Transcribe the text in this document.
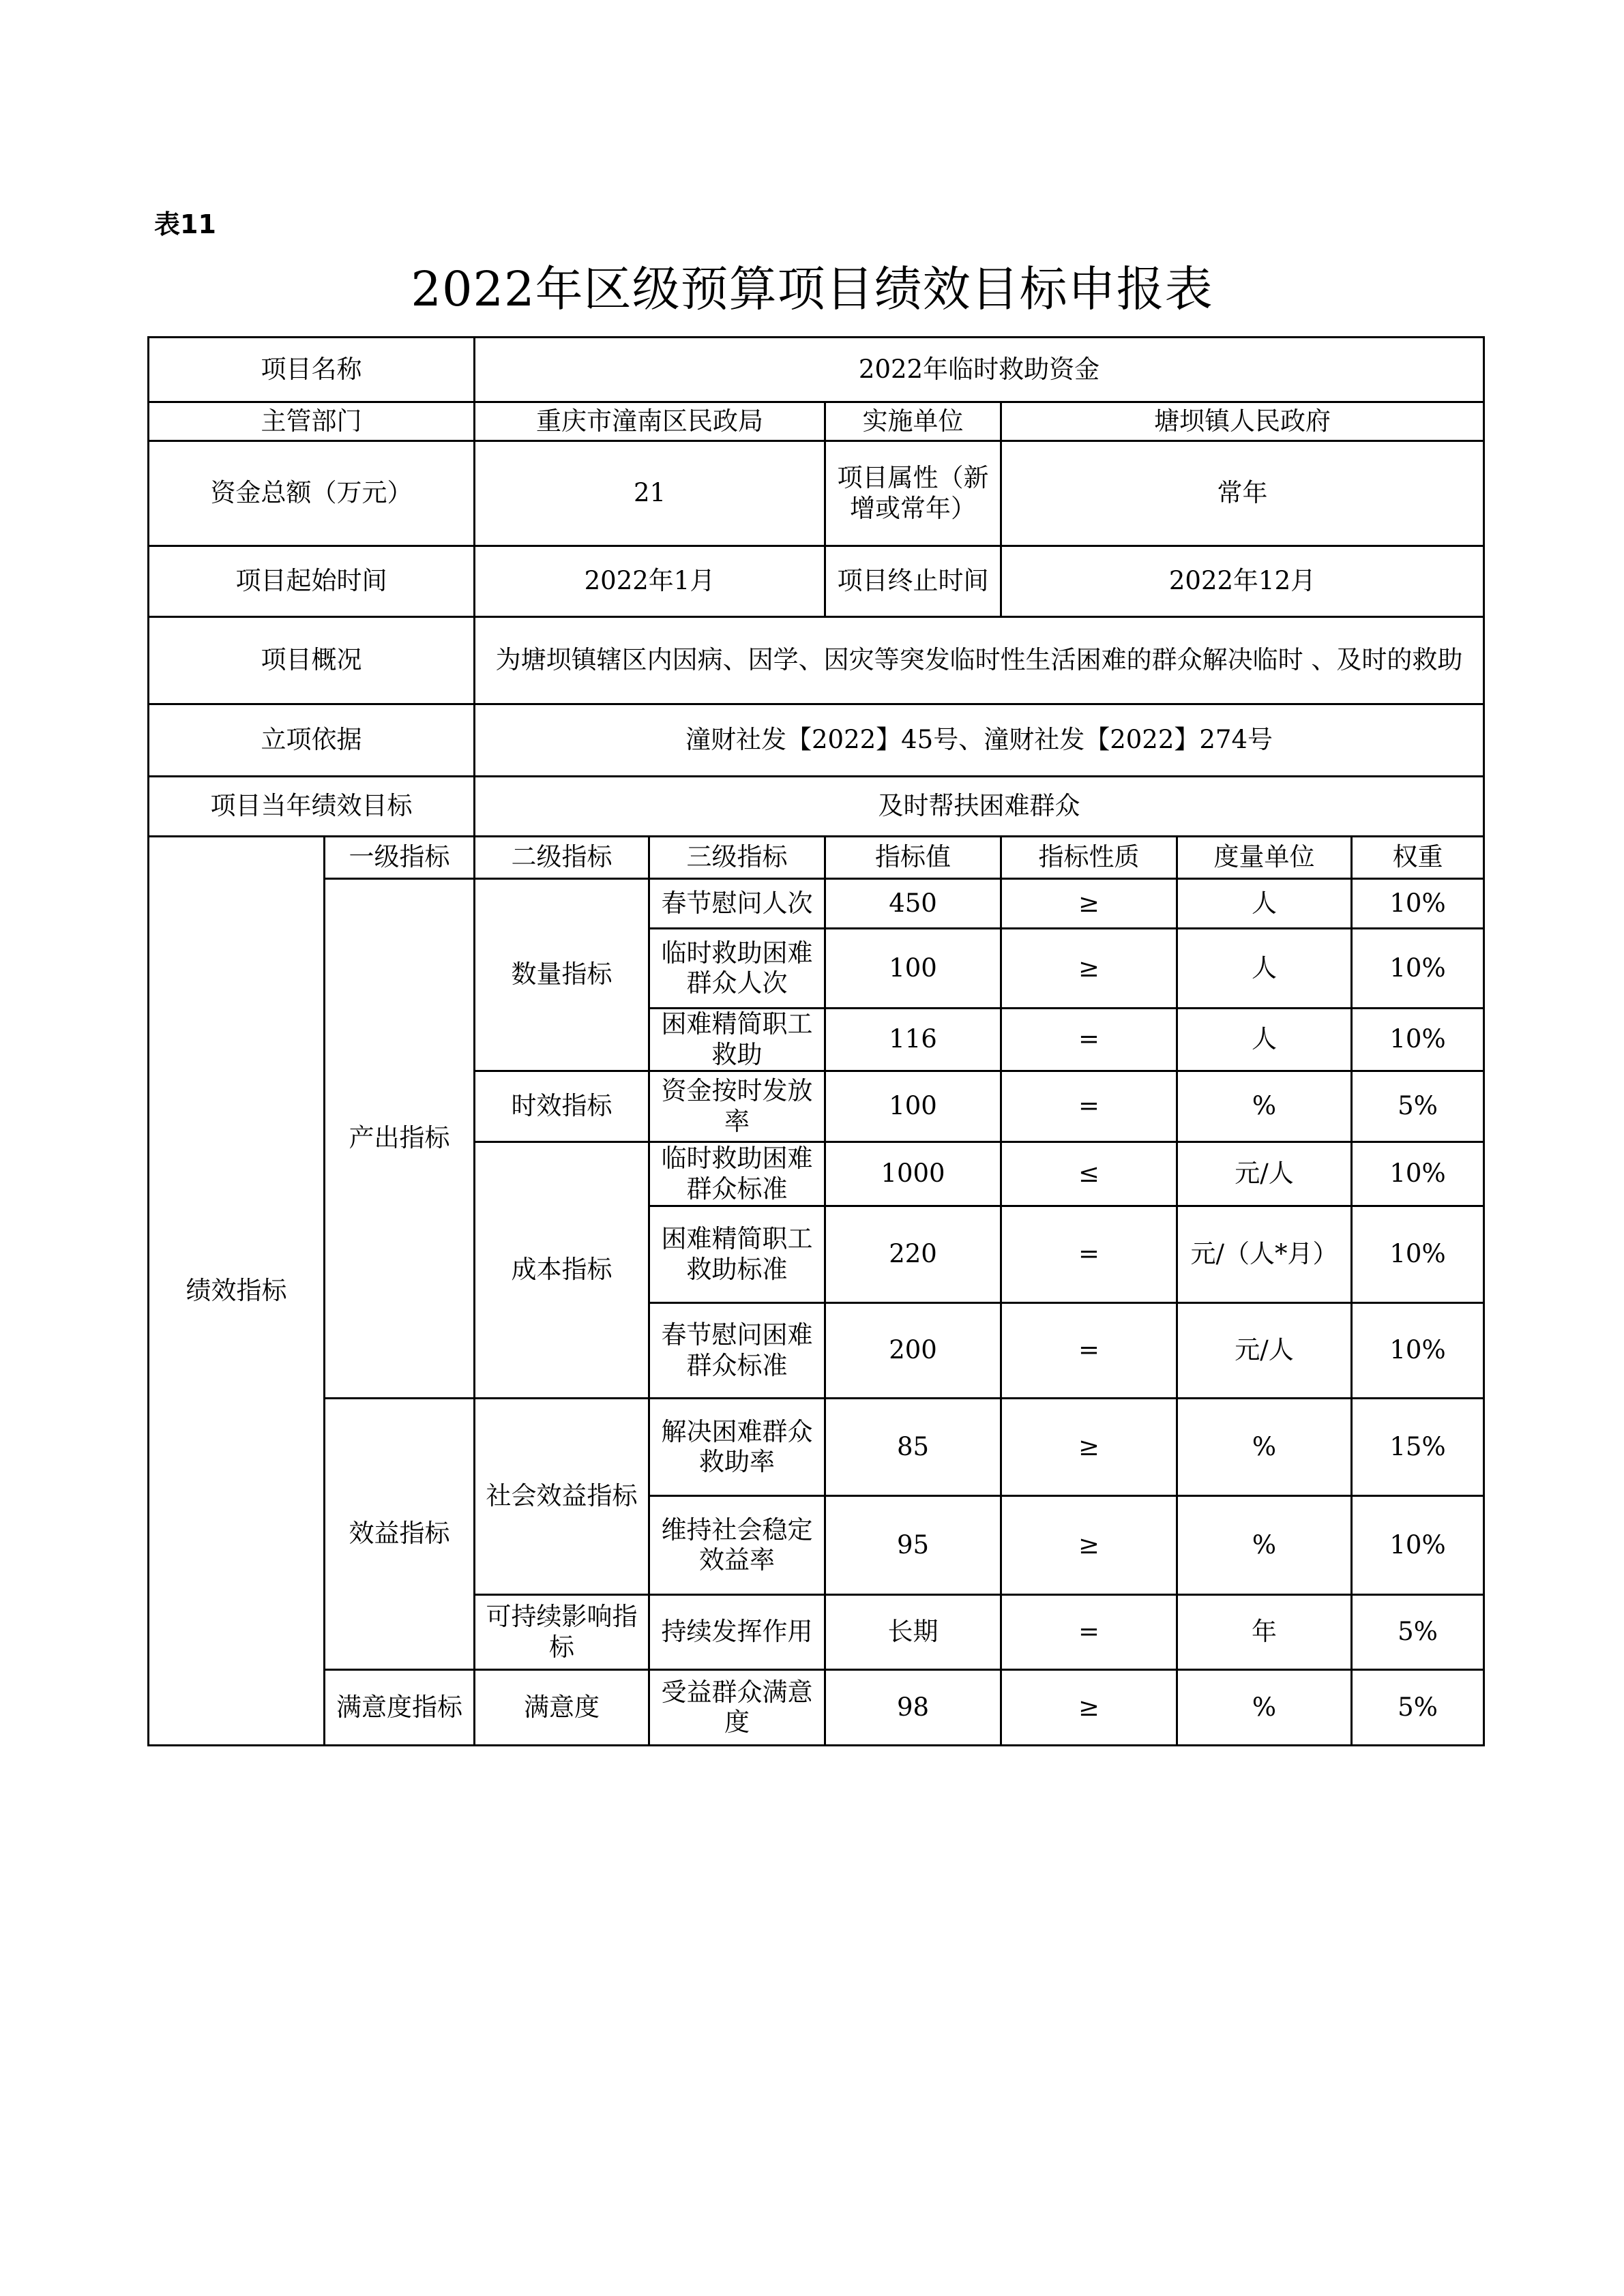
表11
2022年区级预算项目绩效目标申报表
项目名称		2022年临时救助资金					
主管部门		重庆市潼南区民政局		实施单位	塘坝镇人民政府		
资金总额（万元）		21		项目属性（新增或常年）	常年		
项目起始时间		2022年1月		项目终止时间	2022年12月		
项目概况		为塘坝镇辖区内因病、因学、因灾等突发临时性生活困难的群众解决临时 、及时的救助					
立项依据		潼财社发【2022】45号、潼财社发【2022】274号					
项目当年绩效目标		及时帮扶困难群众					
绩效指标	一级指标	二级指标	三级指标	指标值	指标性质	度量单位	权重
	产出指标	数量指标	春节慰问人次	450	≥	人	10%
			临时救助困难群众人次	100	≥	人	10%
			困难精简职工救助	116	=	人	10%
		时效指标	资金按时发放率	100	=	%	5%
		成本指标	临时救助困难群众标准	1000	≤	元/人	10%
			困难精简职工救助标准	220	=	元/（人*月）	10%
			春节慰问困难群众标准	200	=	元/人	10%
	效益指标	社会效益指标	解决困难群众救助率	85	≥	%	15%
			维持社会稳定效益率	95	≥	%	10%
		可持续影响指标	持续发挥作用	长期	=	年	5%
	满意度指标	满意度	受益群众满意度	98	≥	%	5%
